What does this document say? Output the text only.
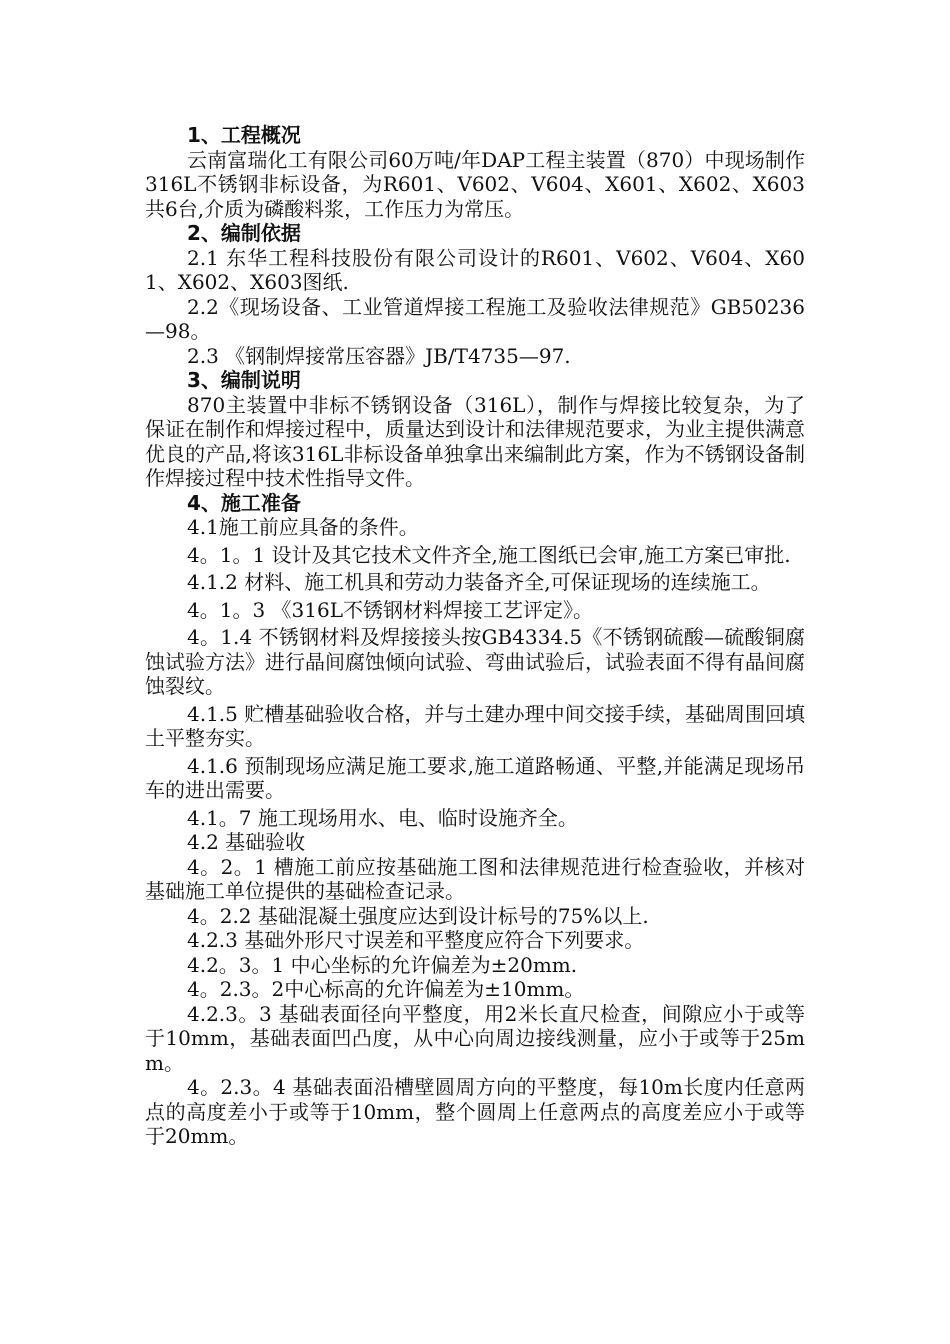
1、工程概况

云南富瑞化工有限公司60万吨/年DAP工程主装置（870）中现场制作316L不锈钢非标设备，为R601、V602、V604、X601、X602、X603共6台,介质为磷酸料浆，工作压力为常压。

2、编制依据

2.1 东华工程科技股份有限公司设计的R601、V602、V604、X601、X602、X603图纸.

2.2《现场设备、工业管道焊接工程施工及验收法律规范》GB50236—98。

2.3 《钢制焊接常压容器》JB/T4735—97.

3、编制说明

870主装置中非标不锈钢设备（316L），制作与焊接比较复杂，为了保证在制作和焊接过程中，质量达到设计和法律规范要求，为业主提供满意优良的产品,将该316L非标设备单独拿出来编制此方案，作为不锈钢设备制作焊接过程中技术性指导文件。

4、施工准备

4.1施工前应具备的条件。

4。1。1 设计及其它技术文件齐全,施工图纸已会审,施工方案已审批.

4.1.2 材料、施工机具和劳动力装备齐全,可保证现场的连续施工。

4。1。3 《316L不锈钢材料焊接工艺评定》。

4。1.4 不锈钢材料及焊接接头按GB4334.5《不锈钢硫酸—硫酸铜腐蚀试验方法》进行晶间腐蚀倾向试验、弯曲试验后，试验表面不得有晶间腐蚀裂纹。

4.1.5 贮槽基础验收合格，并与土建办理中间交接手续，基础周围回填土平整夯实。

4.1.6 预制现场应满足施工要求,施工道路畅通、平整,并能满足现场吊车的进出需要。

4.1。7 施工现场用水、电、临时设施齐全。

4.2 基础验收

4。2。1 槽施工前应按基础施工图和法律规范进行检查验收，并核对基础施工单位提供的基础检查记录。

4。2.2 基础混凝土强度应达到设计标号的75%以上.

4.2.3 基础外形尺寸误差和平整度应符合下列要求。

4.2。3。1 中心坐标的允许偏差为±20mm.

4。2.3。2中心标高的允许偏差为±10mm。

4.2.3。3 基础表面径向平整度，用2米长直尺检查，间隙应小于或等于10mm，基础表面凹凸度，从中心向周边接线测量，应小于或等于25mm。

4。2.3。4 基础表面沿槽壁圆周方向的平整度，每10m长度内任意两点的高度差小于或等于10mm，整个圆周上任意两点的高度差应小于或等于20mm。
